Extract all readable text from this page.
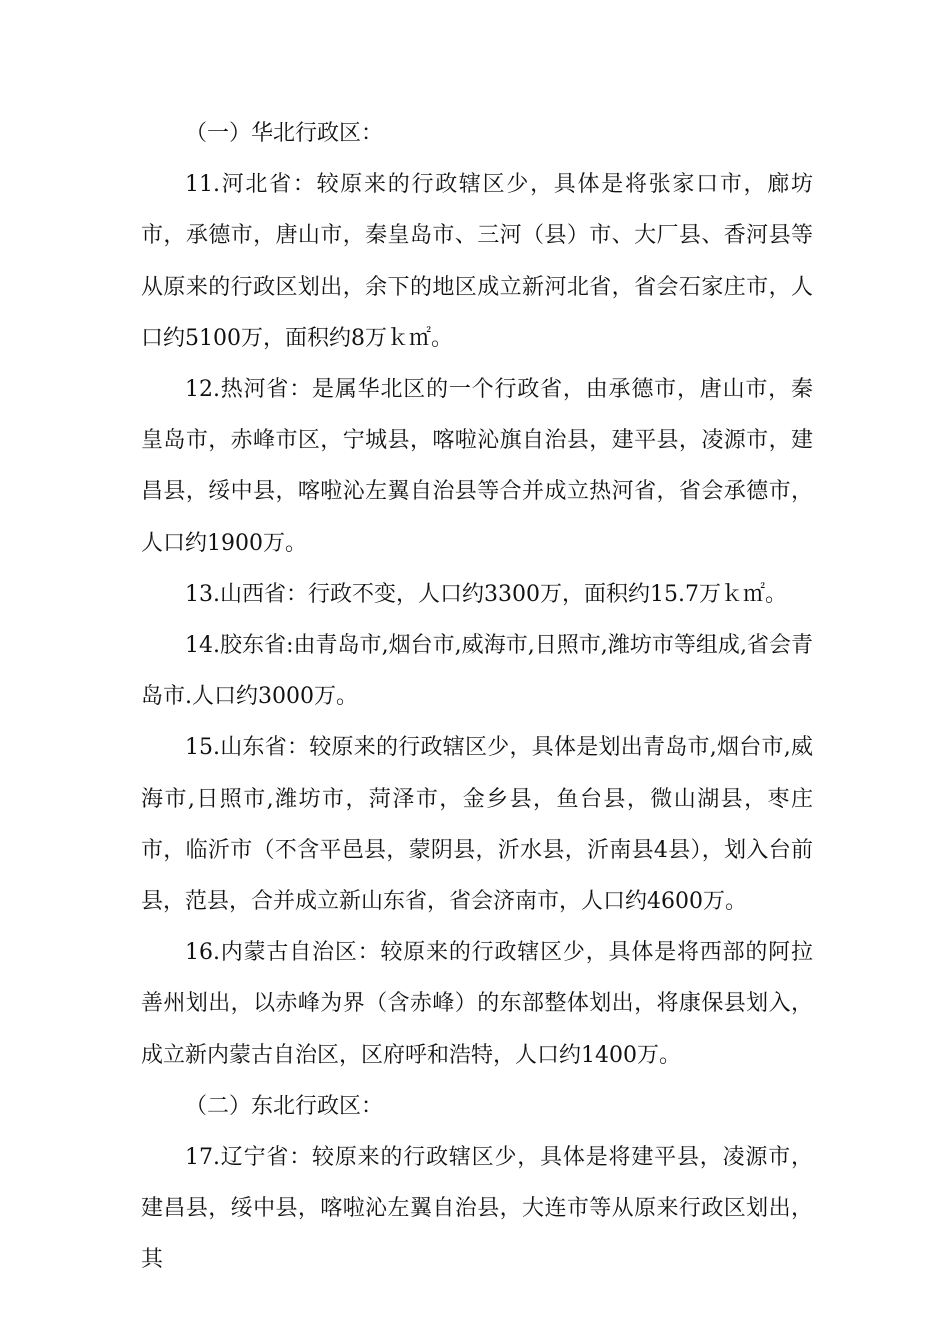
（一）华北行政区：

11.河北省：较原来的行政辖区少，具体是将张家口市，廊坊市，承德市，唐山市，秦皇岛市、三河（县）市、大厂县、香河县等从原来的行政区划出，余下的地区成立新河北省，省会石家庄市，人口约5100万，面积约8万ｋ㎡。

12.热河省：是属华北区的一个行政省，由承德市，唐山市，秦皇岛市，赤峰市区，宁城县，喀啦沁旗自治县，建平县，凌源市，建昌县，绥中县，喀啦沁左翼自治县等合并成立热河省，省会承德市，人口约1900万。

13.山西省：行政不变，人口约3300万，面积约15.7万ｋ㎡。

14.胶东省:由青岛市,烟台市,威海市,日照市,潍坊市等组成,省会青岛市.人口约3000万。

15.山东省：较原来的行政辖区少，具体是划出青岛市,烟台市,威海市,日照市,潍坊市，菏泽市，金乡县，鱼台县，微山湖县，枣庄市，临沂市（不含平邑县，蒙阴县，沂水县，沂南县4县），划入台前县，范县，合并成立新山东省，省会济南市，人口约4600万。

16.内蒙古自治区：较原来的行政辖区少，具体是将西部的阿拉善州划出，以赤峰为界（含赤峰）的东部整体划出，将康保县划入，成立新内蒙古自治区，区府呼和浩特，人口约1400万。

（二）东北行政区：

17.辽宁省：较原来的行政辖区少，具体是将建平县，凌源市，建昌县，绥中县，喀啦沁左翼自治县，大连市等从原来行政区划出，其
